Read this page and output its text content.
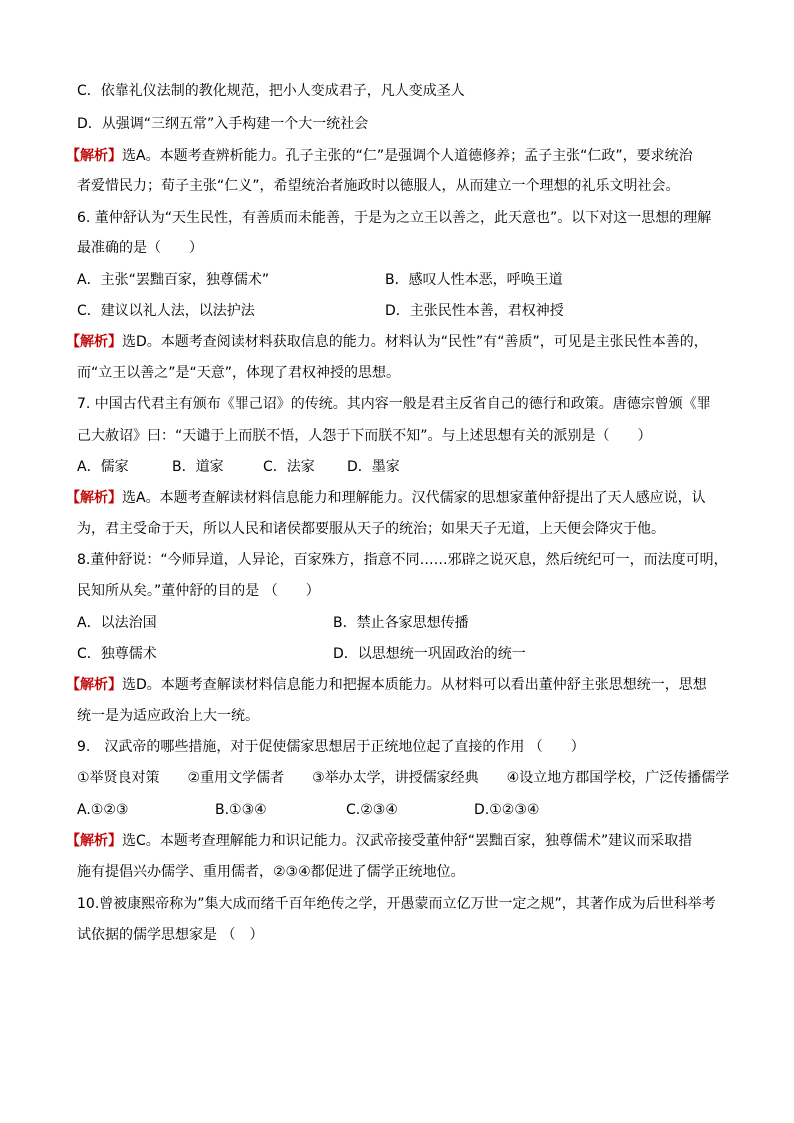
C．依靠礼仪法制的教化规范，把小人变成君子，凡人变成圣人
D．从强调“三纲五常”入手构建一个大一统社会
【解析】选A。本题考查辨析能力。孔子主张的“仁”是强调个人道德修养；孟子主张“仁政”，要求统治
者爱惜民力；荀子主张“仁义”，希望统治者施政时以德服人，从而建立一个理想的礼乐文明社会。
6. 董仲舒认为“天生民性，有善质而未能善，于是为之立王以善之，此天意也”。以下对这一思想的理解
最准确的是（　　）
A．主张“罢黜百家，独尊儒术”	B．感叹人性本恶，呼唤王道
C．建议以礼人法，以法护法	D．主张民性本善，君权神授
【解析】选D。本题考查阅读材料获取信息的能力。材料认为“民性”有“善质”，可见是主张民性本善的，
而“立王以善之”是“天意”，体现了君权神授的思想。
7. 中国古代君主有颁布《罪己诏》的传统。其内容一般是君主反省自己的德行和政策。唐德宗曾颁《罪
己大赦诏》曰：“天谴于上而朕不悟，人怨于下而朕不知”。与上述思想有关的派别是（　　）
A．儒家	B．道家	C．法家 D．墨家
【解析】选A。本题考查解读材料信息能力和理解能力。汉代儒家的思想家董仲舒提出了天人感应说，认
为，君主受命于天，所以人民和诸侯都要服从天子的统治；如果天子无道，上天便会降灾于他。
8.董仲舒说：“今师异道，人异论，百家殊方，指意不同……邪辟之说灭息，然后统纪可一，而法度可明，
民知所从矣。”董仲舒的目的是 （　　）
A．以法治国	B．禁止各家思想传播
C．独尊儒术	D．以思想统一巩固政治的统一
【解析】选D。本题考查解读材料信息能力和把握本质能力。从材料可以看出董仲舒主张思想统一，思想
统一是为适应政治上大一统。
9.　汉武帝的哪些措施，对于促使儒家思想居于正统地位起了直接的作用 （　　）
①举贤良对策　　②重用文学儒者　　③举办太学，讲授儒家经典　　④设立地方郡国学校，广泛传播儒学
A.①②③	B.①③④	C.②③④	D.①②③④
【解析】选C。本题考查理解能力和识记能力。汉武帝接受董仲舒“罢黜百家，独尊儒术”建议而采取措
施有提倡兴办儒学、重用儒者，②③④都促进了儒学正统地位。
10.曾被康熙帝称为”集大成而绪千百年绝传之学，开愚蒙而立亿万世一定之规”，其著作成为后世科举考
试依据的儒学思想家是 （　）
